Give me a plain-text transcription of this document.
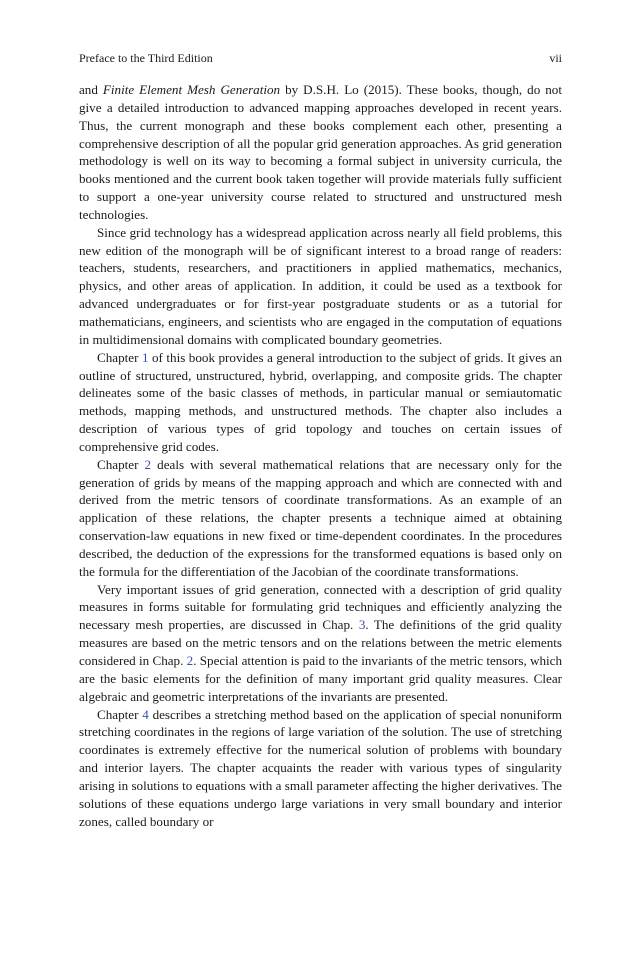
Preface to the Third Edition	vii

and Finite Element Mesh Generation by D.S.H. Lo (2015). These books, though, do not give a detailed introduction to advanced mapping approaches developed in recent years. Thus, the current monograph and these books complement each other, presenting a comprehensive description of all the popular grid generation approaches. As grid generation methodology is well on its way to becoming a formal subject in university curricula, the books mentioned and the current book taken together will provide materials fully sufficient to support a one-year university course related to structured and unstructured mesh technologies.

Since grid technology has a widespread application across nearly all field problems, this new edition of the monograph will be of significant interest to a broad range of readers: teachers, students, researchers, and practitioners in applied mathematics, mechanics, physics, and other areas of application. In addition, it could be used as a textbook for advanced undergraduates or for first-year postgraduate students or as a tutorial for mathematicians, engineers, and scientists who are engaged in the computation of equations in multidimensional domains with complicated boundary geometries.

Chapter 1 of this book provides a general introduction to the subject of grids. It gives an outline of structured, unstructured, hybrid, overlapping, and composite grids. The chapter delineates some of the basic classes of methods, in particular manual or semiautomatic methods, mapping methods, and unstructured methods. The chapter also includes a description of various types of grid topology and touches on certain issues of comprehensive grid codes.

Chapter 2 deals with several mathematical relations that are necessary only for the generation of grids by means of the mapping approach and which are connected with and derived from the metric tensors of coordinate transformations. As an example of an application of these relations, the chapter presents a technique aimed at obtaining conservation-law equations in new fixed or time-dependent coordinates. In the procedures described, the deduction of the expressions for the transformed equations is based only on the formula for the differentiation of the Jacobian of the coordinate transformations.

Very important issues of grid generation, connected with a description of grid quality measures in forms suitable for formulating grid techniques and efficiently analyzing the necessary mesh properties, are discussed in Chap. 3. The definitions of the grid quality measures are based on the metric tensors and on the relations between the metric elements considered in Chap. 2. Special attention is paid to the invariants of the metric tensors, which are the basic elements for the definition of many important grid quality measures. Clear algebraic and geometric interpretations of the invariants are presented.

Chapter 4 describes a stretching method based on the application of special nonuniform stretching coordinates in the regions of large variation of the solution. The use of stretching coordinates is extremely effective for the numerical solution of problems with boundary and interior layers. The chapter acquaints the reader with various types of singularity arising in solutions to equations with a small parameter affecting the higher derivatives. The solutions of these equations undergo large variations in very small boundary and interior zones, called boundary or
